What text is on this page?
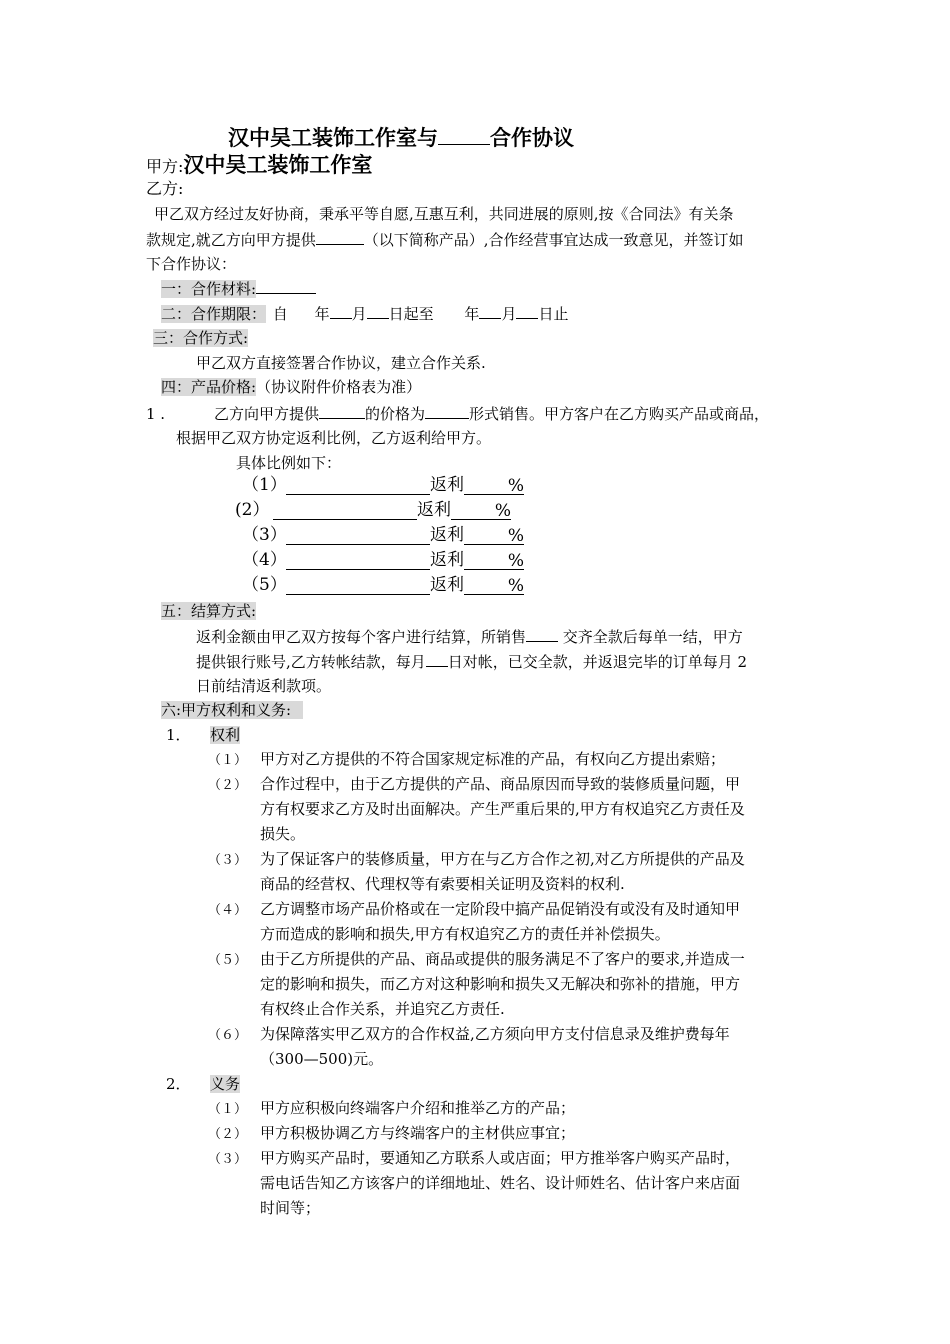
汉中吴工装饰工作室与 合作协议
甲方:汉中吴工装饰工作室
乙方:
甲乙双方经过友好协商，秉承平等自愿,互惠互利，共同进展的原则,按《合同法》有关条
款规定,就乙方向甲方提供	（以下简称产品）,合作经营事宜达成一致意见，并签订如
下合作协议：
一：合作材料:
二：合作期限： 自 年 月 日起至 年 月 日止
三：合作方式:
甲乙双方直接签署合作协议，建立合作关系.
四：产品价格:（协议附件价格表为准）
1 .	乙方向甲方提供	的价格为	形式销售。甲方客户在乙方购买产品或商品，
根据甲乙双方协定返利比例，乙方返利给甲方。
具体比例如下：
（1）	返利	%
(2）	返利	%
（3）	返利	%
（4）	返利	%
（5）	返利	%
五：结算方式:
返利金额由甲乙双方按每个客户进行结算，所销售 交齐全款后每单一结，甲方
提供银行账号,乙方转帐结款，每月 日对帐，已交全款，并返退完毕的订单每月 2
日前结清返利款项。
六:甲方权利和义务:
1． 权利
（１） 甲方对乙方提供的不符合国家规定标准的产品，有权向乙方提出索赔；
（２） 合作过程中，由于乙方提供的产品、商品原因而导致的装修质量问题，甲
方有权要求乙方及时出面解决。产生严重后果的,甲方有权追究乙方责任及
损失。
（３） 为了保证客户的装修质量，甲方在与乙方合作之初,对乙方所提供的产品及
商品的经营权、代理权等有索要相关证明及资料的权利.
（４） 乙方调整市场产品价格或在一定阶段中搞产品促销没有或没有及时通知甲
方而造成的影响和损失,甲方有权追究乙方的责任并补偿损失。
（５） 由于乙方所提供的产品、商品或提供的服务满足不了客户的要求,并造成一
定的影响和损失，而乙方对这种影响和损失又无解决和弥补的措施，甲方
有权终止合作关系，并追究乙方责任.
（６） 为保障落实甲乙双方的合作权益,乙方须向甲方支付信息录及维护费每年
（300—500)元。
2． 义务
（１） 甲方应积极向终端客户介绍和推举乙方的产品；
（２） 甲方积极协调乙方与终端客户的主材供应事宜；
（３） 甲方购买产品时，要通知乙方联系人或店面；甲方推举客户购买产品时，
需电话告知乙方该客户的详细地址、姓名、设计师姓名、估计客户来店面
时间等；
